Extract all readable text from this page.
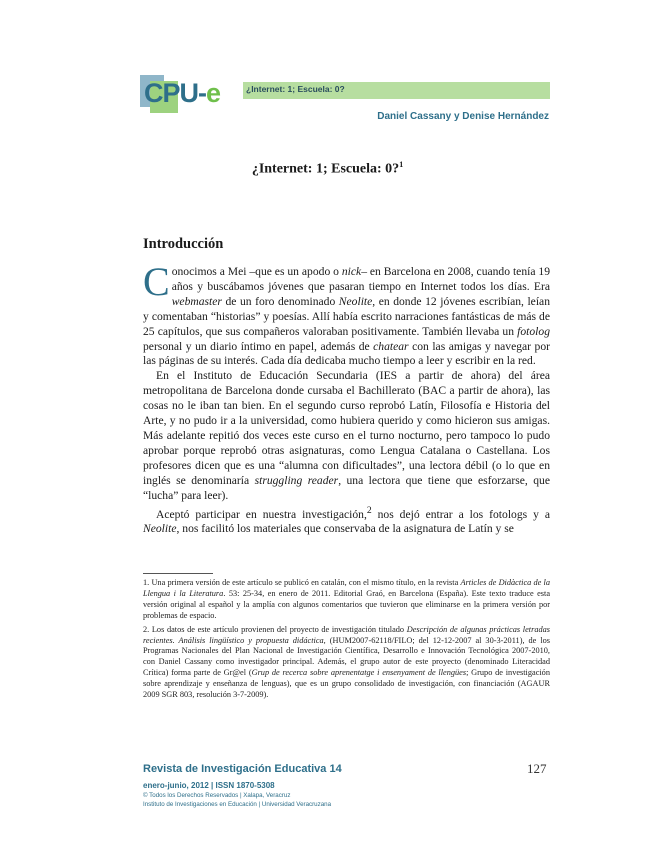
CPU-e	¿Internet: 1; Escuela: 0?
Daniel Cassany y Denise Hernández
¿Internet: 1; Escuela: 0?$^1$
Introducción

Conocimos a Mei –que es un apodo o nick– en Barcelona en 2008, cuando tenía 19 años y buscábamos jóvenes que pasaran tiempo en Internet todos los días. Era webmaster de un foro denominado Neolite, en donde 12 jóvenes escribían, leían y comentaban “historias” y poesías. Allí había escrito narraciones fantásticas de más de 25 capítulos, que sus compañeros valoraban positivamente. También llevaba un fotolog personal y un diario íntimo en papel, además de chatear con las amigas y navegar por las páginas de su interés. Cada día dedicaba mucho tiempo a leer y escribir en la red.

En el Instituto de Educación Secundaria (IES a partir de ahora) del área metropolitana de Barcelona donde cursaba el Bachillerato (BAC a partir de ahora), las cosas no le iban tan bien. En el segundo curso reprobó Latín, Filosofía e Historia del Arte, y no pudo ir a la universidad, como hubiera querido y como hicieron sus amigas. Más adelante repitió dos veces este curso en el turno nocturno, pero tampoco lo pudo aprobar porque reprobó otras asignaturas, como Lengua Catalana o Castellana. Los profesores dicen que es una “alumna con dificultades”, una lectora débil (o lo que en inglés se denominaría struggling reader, una lectora que tiene que esforzarse, que “lucha” para leer).

Aceptó participar en nuestra investigación,$^2$ nos dejó entrar a los fotologs y a Neolite, nos facilitó los materiales que conservaba de la asignatura de Latín y se

1. Una primera versión de este artículo se publicó en catalán, con el mismo título, en la revista Articles de Didàctica de la Llengua i la Literatura. 53: 25-34, en enero de 2011. Editorial Graó, en Barcelona (España). Este texto traduce esta versión original al español y la amplía con algunos comentarios que tuvieron que eliminarse en la primera versión por problemas de espacio.

2. Los datos de este artículo provienen del proyecto de investigación titulado Descripción de algunas prácticas letradas recientes. Análisis lingüístico y propuesta didáctica, (HUM2007-62118/FILO; del 12-12-2007 al 30-3-2011), de los Programas Nacionales del Plan Nacional de Investigación Científica, Desarrollo e Innovación Tecnológica 2007-2010, con Daniel Cassany como investigador principal. Además, el grupo autor de este proyecto (denominado Literacidad Crítica) forma parte de Gr@el (Grup de recerca sobre aprenentatge i ensenyament de llengües; Grupo de investigación sobre aprendizaje y enseñanza de lenguas), que es un grupo consolidado de investigación, con financiación (AGAUR 2009 SGR 803, resolución 3-7-2009).

Revista de Investigación Educativa 14	127
enero-junio, 2012 | ISSN 1870-5308
© Todos los Derechos Reservados | Xalapa, Veracruz
Instituto de Investigaciones en Educación | Universidad Veracruzana
